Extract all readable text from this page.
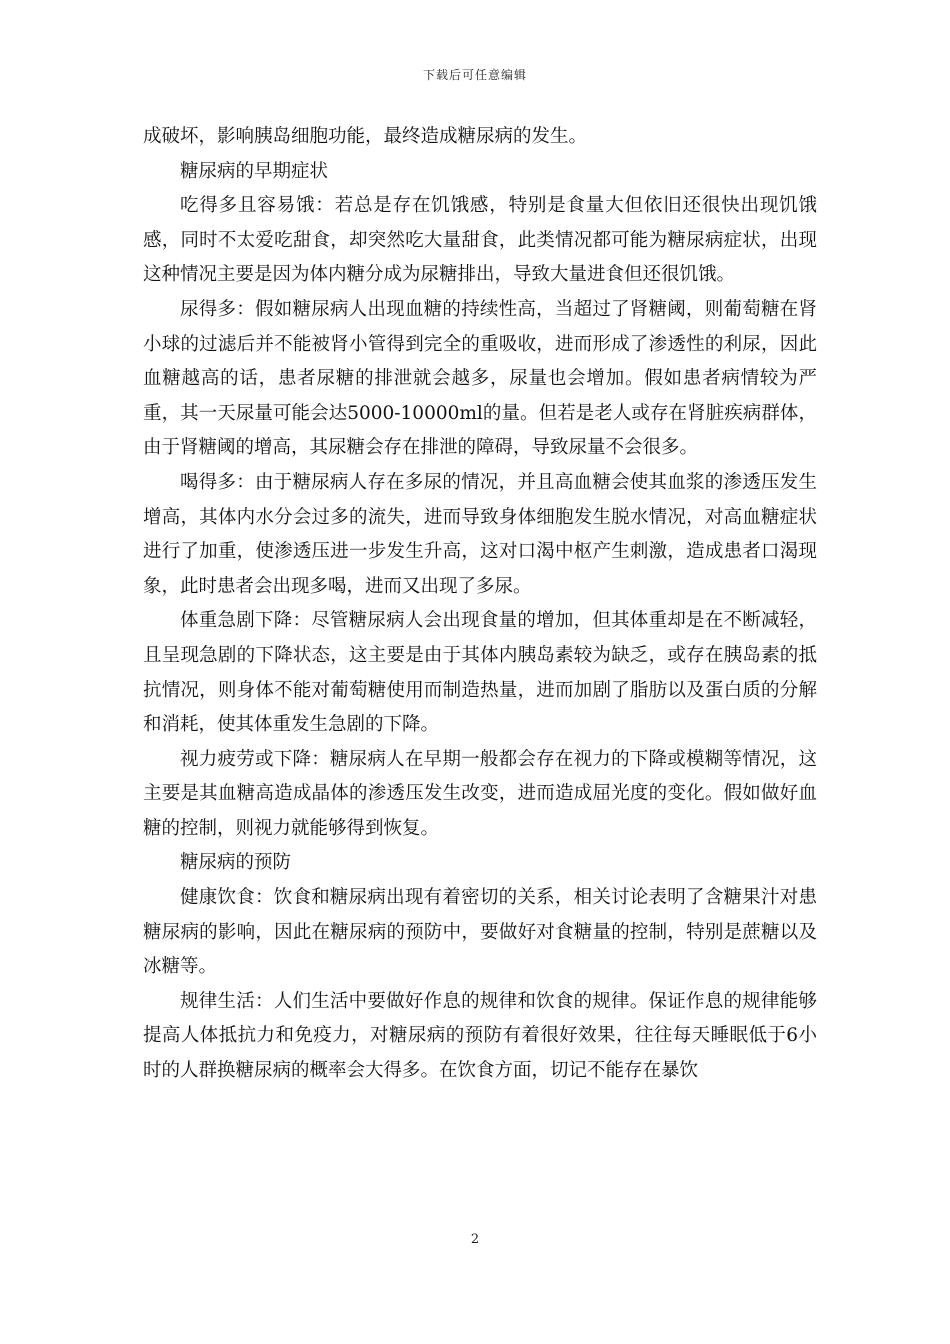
下载后可任意编辑

成破坏，影响胰岛细胞功能，最终造成糖尿病的发生。

糖尿病的早期症状

吃得多且容易饿：若总是存在饥饿感，特别是食量大但依旧还很快出现饥饿感，同时不太爱吃甜食，却突然吃大量甜食，此类情况都可能为糖尿病症状，出现这种情况主要是因为体内糖分成为尿糖排出，导致大量进食但还很饥饿。

尿得多：假如糖尿病人出现血糖的持续性高，当超过了肾糖阈，则葡萄糖在肾小球的过滤后并不能被肾小管得到完全的重吸收，进而形成了渗透性的利尿，因此血糖越高的话，患者尿糖的排泄就会越多，尿量也会增加。假如患者病情较为严重，其一天尿量可能会达5000-10000ml的量。但若是老人或存在肾脏疾病群体，由于肾糖阈的增高，其尿糖会存在排泄的障碍，导致尿量不会很多。

喝得多：由于糖尿病人存在多尿的情况，并且高血糖会使其血浆的渗透压发生增高，其体内水分会过多的流失，进而导致身体细胞发生脱水情况，对高血糖症状进行了加重，使渗透压进一步发生升高，这对口渴中枢产生刺激，造成患者口渴现象，此时患者会出现多喝，进而又出现了多尿。

体重急剧下降：尽管糖尿病人会出现食量的增加，但其体重却是在不断减轻，且呈现急剧的下降状态，这主要是由于其体内胰岛素较为缺乏，或存在胰岛素的抵抗情况，则身体不能对葡萄糖使用而制造热量，进而加剧了脂肪以及蛋白质的分解和消耗，使其体重发生急剧的下降。

视力疲劳或下降：糖尿病人在早期一般都会存在视力的下降或模糊等情况，这主要是其血糖高造成晶体的渗透压发生改变，进而造成屈光度的变化。假如做好血糖的控制，则视力就能够得到恢复。

糖尿病的预防

健康饮食：饮食和糖尿病出现有着密切的关系，相关讨论表明了含糖果汁对患糖尿病的影响，因此在糖尿病的预防中，要做好对食糖量的控制，特别是蔗糖以及冰糖等。

规律生活：人们生活中要做好作息的规律和饮食的规律。保证作息的规律能够提高人体抵抗力和免疫力，对糖尿病的预防有着很好效果，往往每天睡眠低于6小时的人群换糖尿病的概率会大得多。在饮食方面，切记不能存在暴饮

2
